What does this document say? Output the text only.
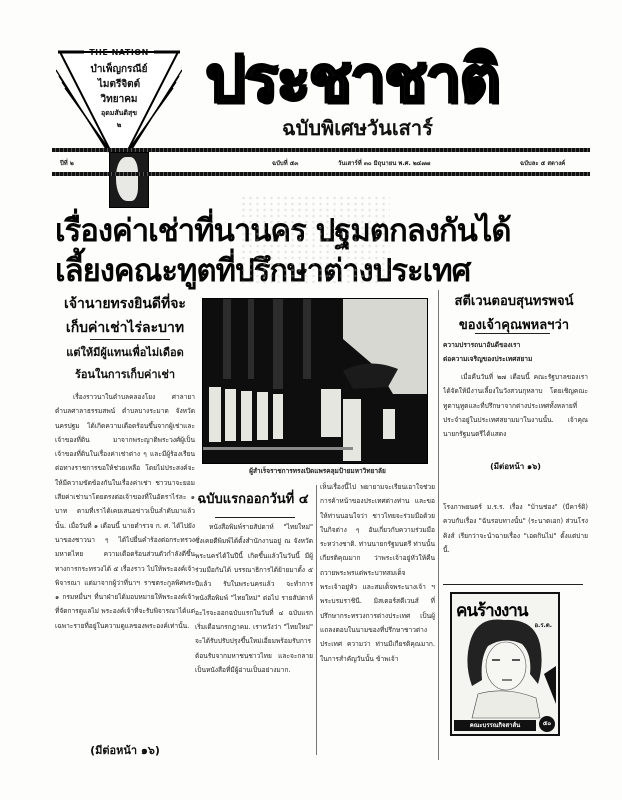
THE NATION
บำเพ็ญกรณีย์
ไมตรีจิตต์
วิทยาคม
อุดมสันติสุข
๒
ประชาชาติ
ฉบับพิเศษวันเสาร์
ปีที่ ๒	ฉบับที่ ๕๓	วันเสาร์ที่ ๓๐ มิถุนายน พ.ศ. ๒๔๗๗	ฉบับละ ๕ สตางค์
เรื่องค่าเช่าที่นานคร ปฐมตกลงกันได้
เลี้ยงคณะทูตที่ปรึกษาต่างประเทศ
เจ้านายทรงยินดีที่จะ
เก็บค่าเช่าไร่ละบาท
แต่ให้มีผู้แทนเพื่อไม่เดือด
ร้อนในการเก็บค่าเช่า
เรื่องราวนาในตำบลคลองโยง ศาลายา ตำบลศาลาธรรมสพน์ ตำบลบางระมาด จังหวัดนครปฐม ได้เกิดความเดือดร้อนขึ้นจากผู้เช่าและเจ้าของที่ดิน มาจากพระญาติพระวงศ์ผู้เป็นเจ้าของที่ดินในเรื่องค่าเช่าต่าง ๆ และมีผู้ร้องเรียนต่อทางราชการขอให้ช่วยเหลือ โดยไม่ประสงค์จะให้มีความขัดข้องกันในเรื่องค่าเช่า ชาวนาจะยอมเสียค่าเช่านาโดยตรงต่อเจ้าของที่ในอัตราไร่ละ ๑ บาท ตามที่เราได้เคยเสนอข่าวเป็นลำดับมาแล้วนั้น. เมื่อวันที่ ๑ เดือนนี้ นายตำรวจ ก. ศ. ได้ไปยังนาของชาวนา ๆ ได้ไปยื่นคำร้องต่อกระทรวงมหาดไทย ความเดือดร้อนส่วนตัวกำลังดีขึ้น ทางการกระทรวงได้ ๕ เรื่องราว ไปให้พระองค์เจ้าพิจารณา แต่มาจากผู้ว่าที่นาฯ ราชตระกูลพิศพระ ๑ กรมหมื่นฯ ที่นาฝ่ายได้มอบหมายให้พระองค์เจ้าที่จัดการดูแลไม่ พระองค์เจ้าที่จะรับพิจารณาได้แต่เฉพาะรายที่อยู่ในความดูแลของพระองค์เท่านั้น.
(มีต่อหน้า ๑๖)
ผู้สำเร็จราชการทรงเปิดแพรคลุมป้ายมหาวิทยาลัย
ฉบับแรกออกวันที่ ๔
หนังสือพิมพ์รายสัปดาห์ "ไทยใหม่" ซึ่งเคยตีพิมพ์ได้ตั้งสำนักงานอยู่ ณ จังหวัดพระนครได้ในปีนี้ เกิดขึ้นแล้วในวันนี้ มีผู้ร่วมมือกันได้ บรรณาธิการได้ย้ายมาตั้ง ๕ ปีแล้ว รับในพระนครแล้ว จะทำการหนังสือพิมพ์ "ไทยใหม่" ต่อไป รายสัปดาห์ อะไรจะออกฉบับแรกในวันที่ ๔ ฉบับแรกเริ่มเดือนกรกฎาคม. เราหวังว่า "ไทยใหม่" จะได้รับปรับปรุงขึ้นใหม่เอี่ยมพร้อมรับการต้อนรับจากมหาชนชาวไทย และจะกลายเป็นหนังสือที่มีผู้อ่านเป็นอย่างมาก.
เห็นเรื่องนี้ไป พยายามจะเรียนเอาใจช่วยการค้าหน้าของประเทศต่างท่าน และขอให้ท่านนอนใจว่า ชาวไทยจะร่วมมือด้วยในกิจต่าง ๆ อันเกี่ยวกับความร่วมมือระหว่างชาติ. ท่านนายกรัฐมนตรี ท่านนั้นเกียรติคุณมาก ว่าพระเจ้าอยู่หัวให้คืน ถวายพระพรแด่พระบาทสมเด็จพระเจ้าอยู่หัว และสมเด็จพระนางเจ้า ฯ พระบรมราชินี. มิสเตอร์สตีเวนส์ ที่ปรึกษากระทรวงการต่างประเทศ เป็นผู้แถลงตอบในนามของที่ปรึกษาชาวต่างประเทศ ความว่า ท่านมีเกียรติคุณมาก. ในการสำคัญวันนั้น ข้าพเจ้า
สตีเวนตอบสุนทรพจน์
ของเจ้าคุณพหลฯว่า
ความปรารถนาอันดีของเรา
ต่อความเจริญของประเทศสยาม
เมื่อคืนวันที่ ๒๗ เดือนนี้ คณะรัฐบาลของเราได้จัดให้มีงานเลี้ยงในวังสวนกุหลาบ โดยเชิญคณะทูตานุทูตและที่ปรึกษาจากต่างประเทศทั้งหลายที่ประจำอยู่ในประเทศสยามมาในงานนั้น. เจ้าคุณนายกรัฐมนตรีได้แสดง
(มีต่อหน้า ๑๖)
โรงภาพยนตร์ ม.ร.ร. เรื่อง "บ้านช่อง" (บีคาร์ดิ) ควบกับเรื่อง "ฉันรอบทางนั้น" (ระนาดเอก) ส่วนโรงคิงส์ เรียกว่าจะนำฉายเรื่อง "เอดกินไม่" ตั้งแต่บ่ายนี้.
คนร้างงาน
อ.ร.ด.
คณะบรรณกิจสาส์น	๕๐
